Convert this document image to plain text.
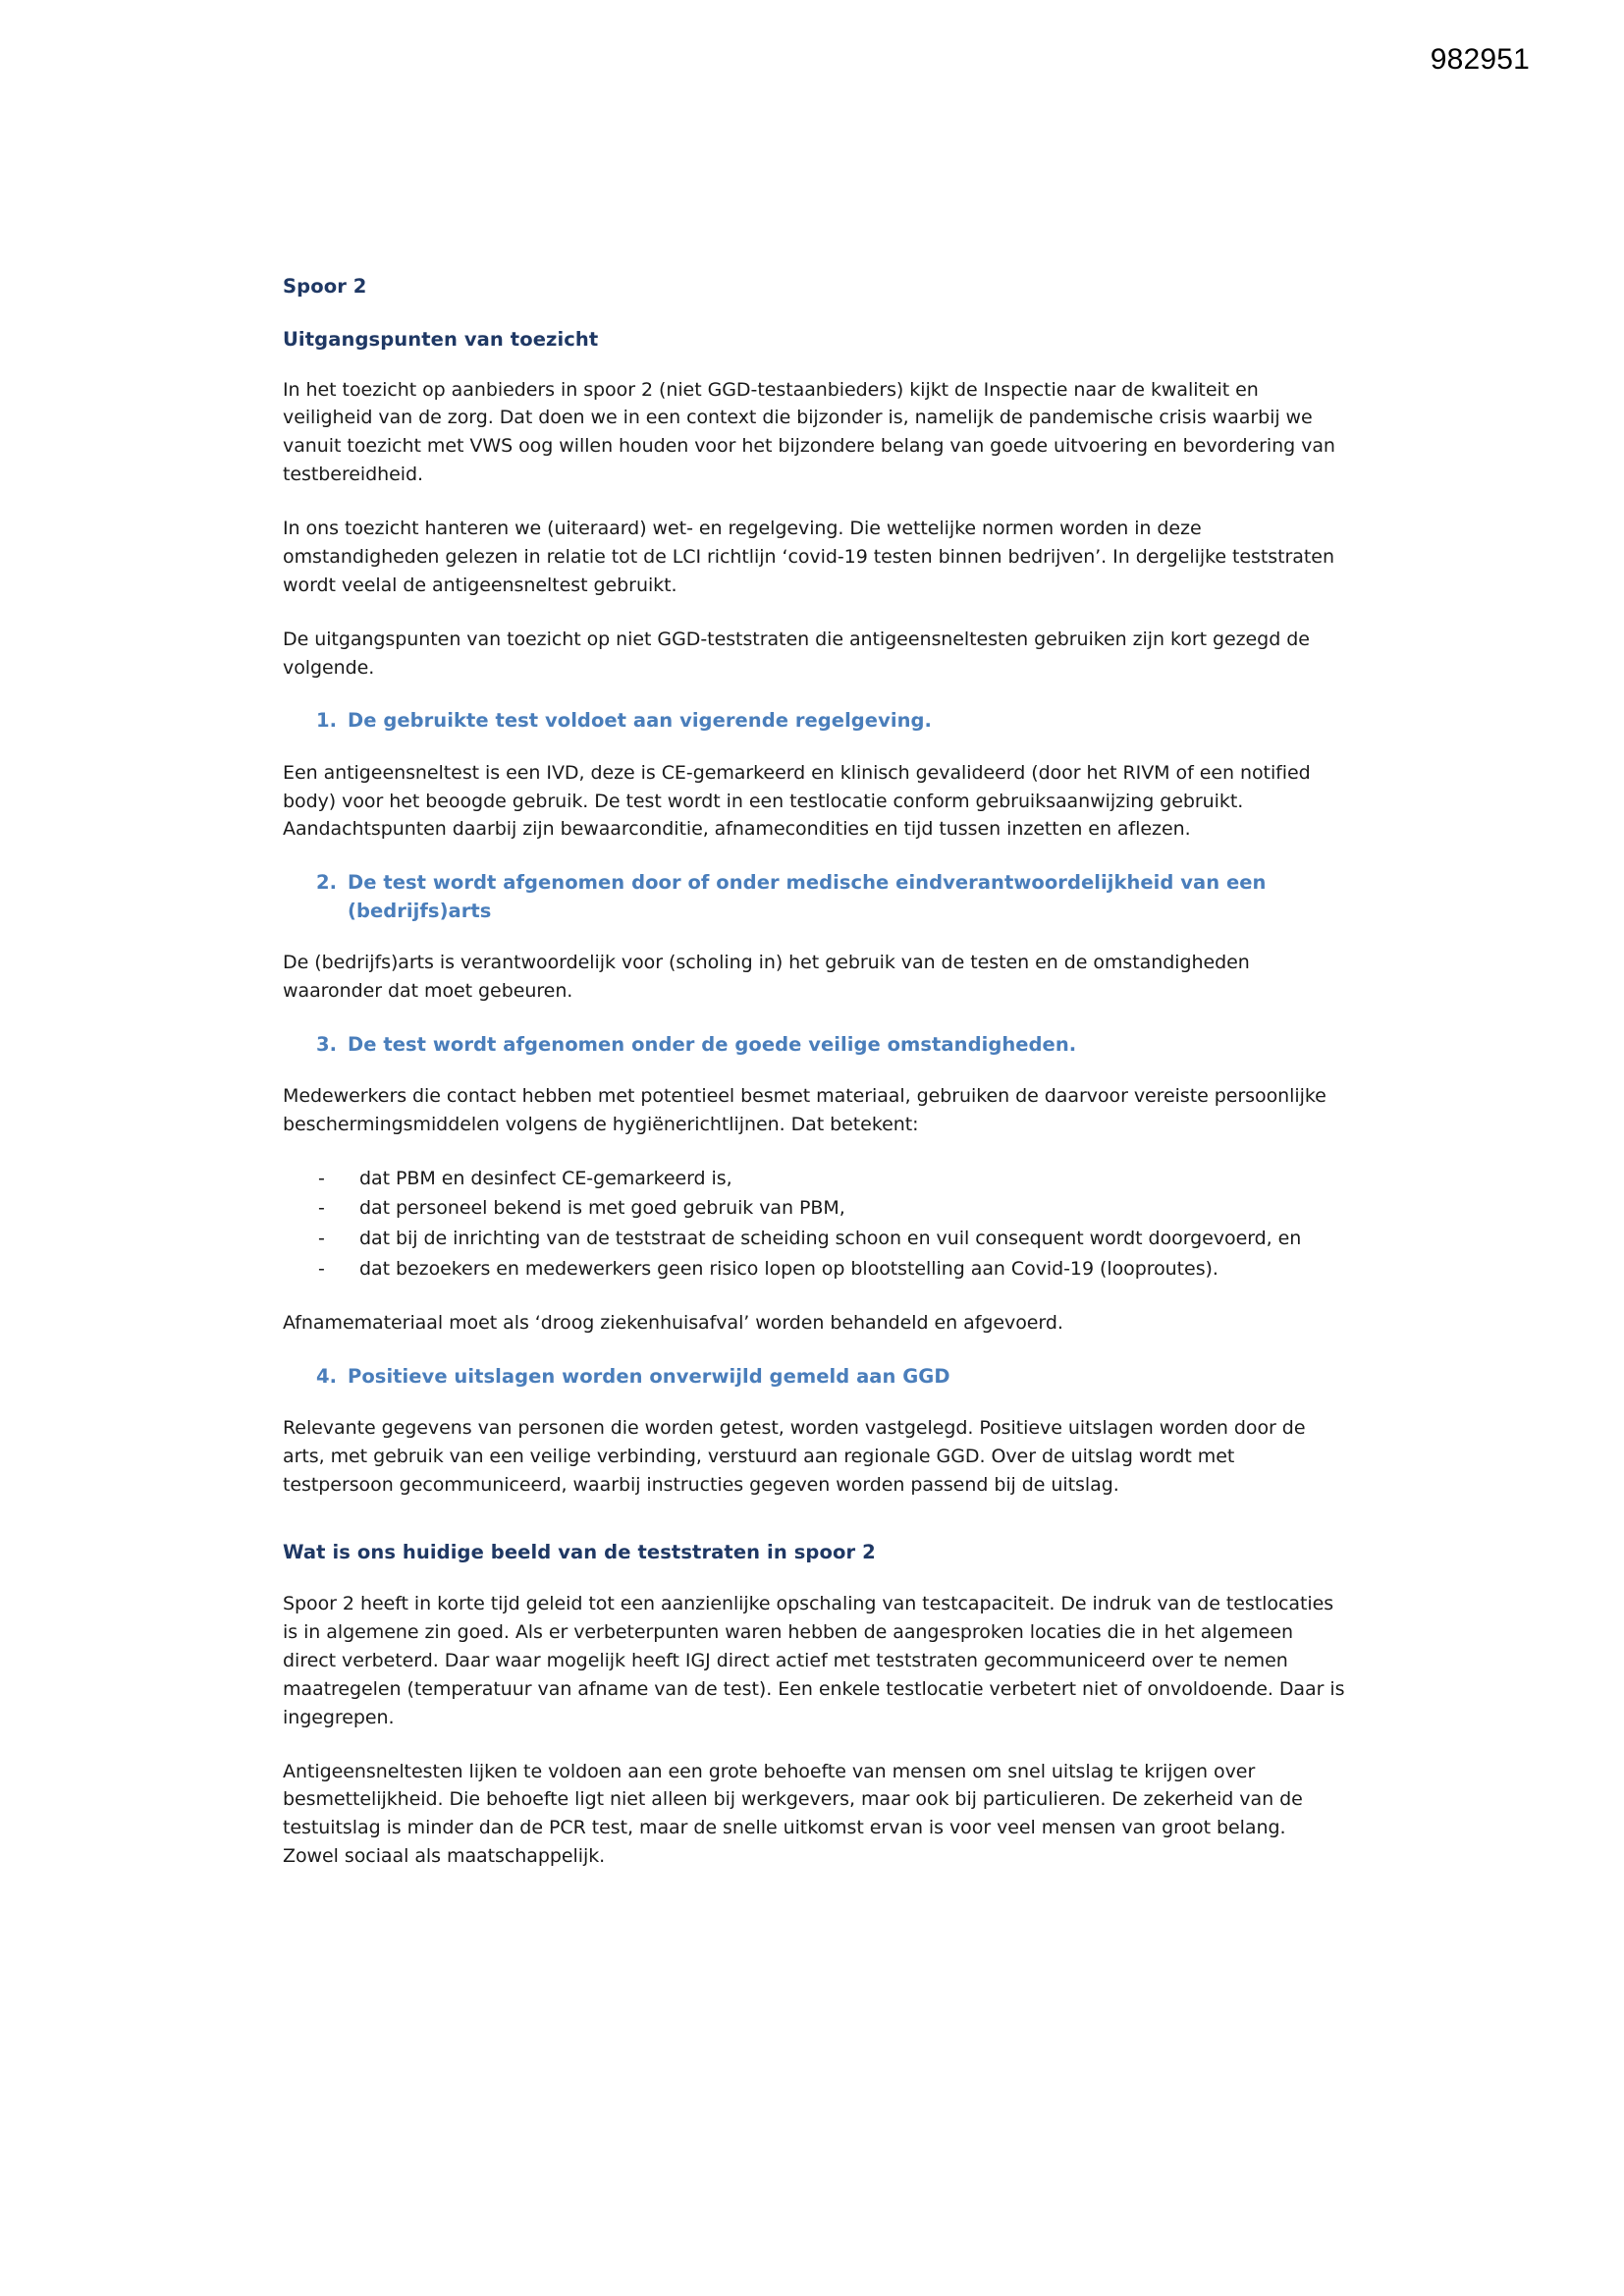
982951
Spoor 2
Uitgangspunten van toezicht

In het toezicht op aanbieders in spoor 2 (niet GGD-testaanbieders) kijkt de Inspectie naar de kwaliteit en veiligheid van de zorg. Dat doen we in een context die bijzonder is, namelijk de pandemische crisis waarbij we vanuit toezicht met VWS oog willen houden voor het bijzondere belang van goede uitvoering en bevordering van testbereidheid.

In ons toezicht hanteren we (uiteraard) wet- en regelgeving. Die wettelijke normen worden in deze omstandigheden gelezen in relatie tot de LCI richtlijn ‘covid-19 testen binnen bedrijven’. In dergelijke teststraten wordt veelal de antigeensneltest gebruikt.

De uitgangspunten van toezicht op niet GGD-teststraten die antigeensneltesten gebruiken zijn kort gezegd de volgende.

1. De gebruikte test voldoet aan vigerende regelgeving.

Een antigeensneltest is een IVD, deze is CE-gemarkeerd en klinisch gevalideerd (door het RIVM of een notified body) voor het beoogde gebruik. De test wordt in een testlocatie conform gebruiksaanwijzing gebruikt. Aandachtspunten daarbij zijn bewaarconditie, afnamecondities en tijd tussen inzetten en aflezen.

2. De test wordt afgenomen door of onder medische eindverantwoordelijkheid van een (bedrijfs)arts

De (bedrijfs)arts is verantwoordelijk voor (scholing in) het gebruik van de testen en de omstandigheden waaronder dat moet gebeuren.

3. De test wordt afgenomen onder de goede veilige omstandigheden.

Medewerkers die contact hebben met potentieel besmet materiaal, gebruiken de daarvoor vereiste persoonlijke beschermingsmiddelen volgens de hygiënerichtlijnen. Dat betekent:

- dat PBM en desinfect CE-gemarkeerd is,
- dat personeel bekend is met goed gebruik van PBM,
- dat bij de inrichting van de teststraat de scheiding schoon en vuil consequent wordt doorgevoerd, en
- dat bezoekers en medewerkers geen risico lopen op blootstelling aan Covid-19 (looproutes).

Afnamemateriaal moet als ‘droog ziekenhuisafval’ worden behandeld en afgevoerd.

4. Positieve uitslagen worden onverwijld gemeld aan GGD

Relevante gegevens van personen die worden getest, worden vastgelegd. Positieve uitslagen worden door de arts, met gebruik van een veilige verbinding, verstuurd aan regionale GGD. Over de uitslag wordt met testpersoon gecommuniceerd, waarbij instructies gegeven worden passend bij de uitslag.

Wat is ons huidige beeld van de teststraten in spoor 2

Spoor 2 heeft in korte tijd geleid tot een aanzienlijke opschaling van testcapaciteit. De indruk van de testlocaties is in algemene zin goed. Als er verbeterpunten waren hebben de aangesproken locaties die in het algemeen direct verbeterd. Daar waar mogelijk heeft IGJ direct actief met teststraten gecommuniceerd over te nemen maatregelen (temperatuur van afname van de test). Een enkele testlocatie verbetert niet of onvoldoende. Daar is ingegrepen.

Antigeensneltesten lijken te voldoen aan een grote behoefte van mensen om snel uitslag te krijgen over besmettelijkheid. Die behoefte ligt niet alleen bij werkgevers, maar ook bij particulieren. De zekerheid van de testuitslag is minder dan de PCR test, maar de snelle uitkomst ervan is voor veel mensen van groot belang. Zowel sociaal als maatschappelijk.
